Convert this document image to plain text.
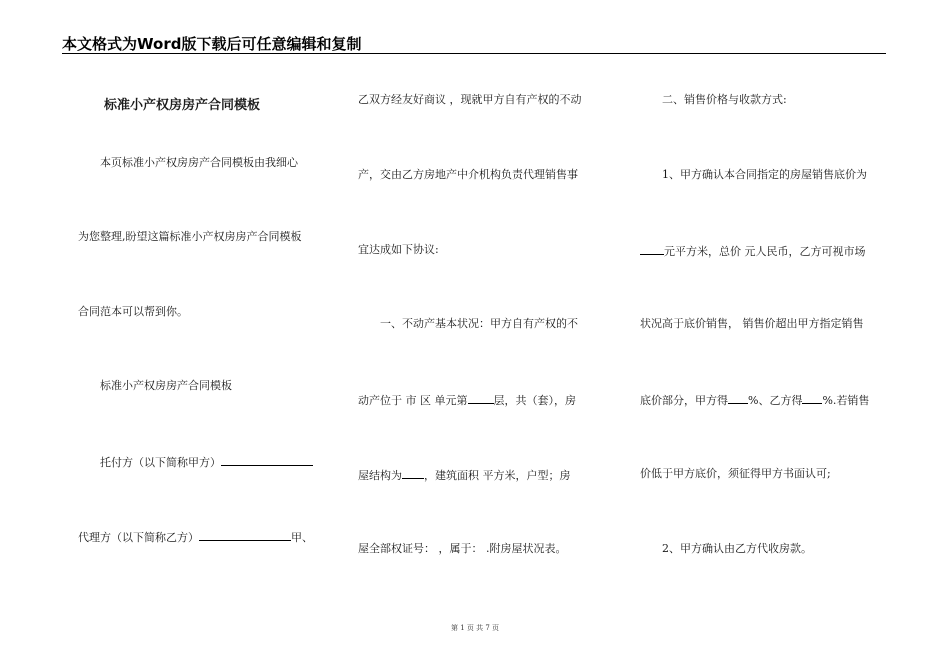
本文格式为Word版下载后可任意编辑和复制
标准小产权房房产合同模板
本页标准小产权房房产合同模板由我细心
为您整理,盼望这篇标准小产权房房产合同模板
合同范本可以帮到你。
标准小产权房房产合同模板
托付方（以下简称甲方）
代理方（以下简称乙方）	甲、
乙双方经友好商议 ，现就甲方自有产权的不动
产，交由乙方房地产中介机构负责代理销售事
宜达成如下协议:
一、不动产基本状况：甲方自有产权的不
动产位于 市 区 单元第 层，共（套），房
屋结构为 ，建筑面积 平方米，户型；房
屋全部权证号： ，属于： .附房屋状况表。
二、销售价格与收款方式:
1、甲方确认本合同指定的房屋销售底价为
元平方米，总价 元人民币，乙方可视市场
状况高于底价销售， 销售价超出甲方指定销售
底价部分，甲方得 %、乙方得 %.若销售
价低于甲方底价，须征得甲方书面认可;
2、甲方确认由乙方代收房款。
第 1 页 共 7 页
